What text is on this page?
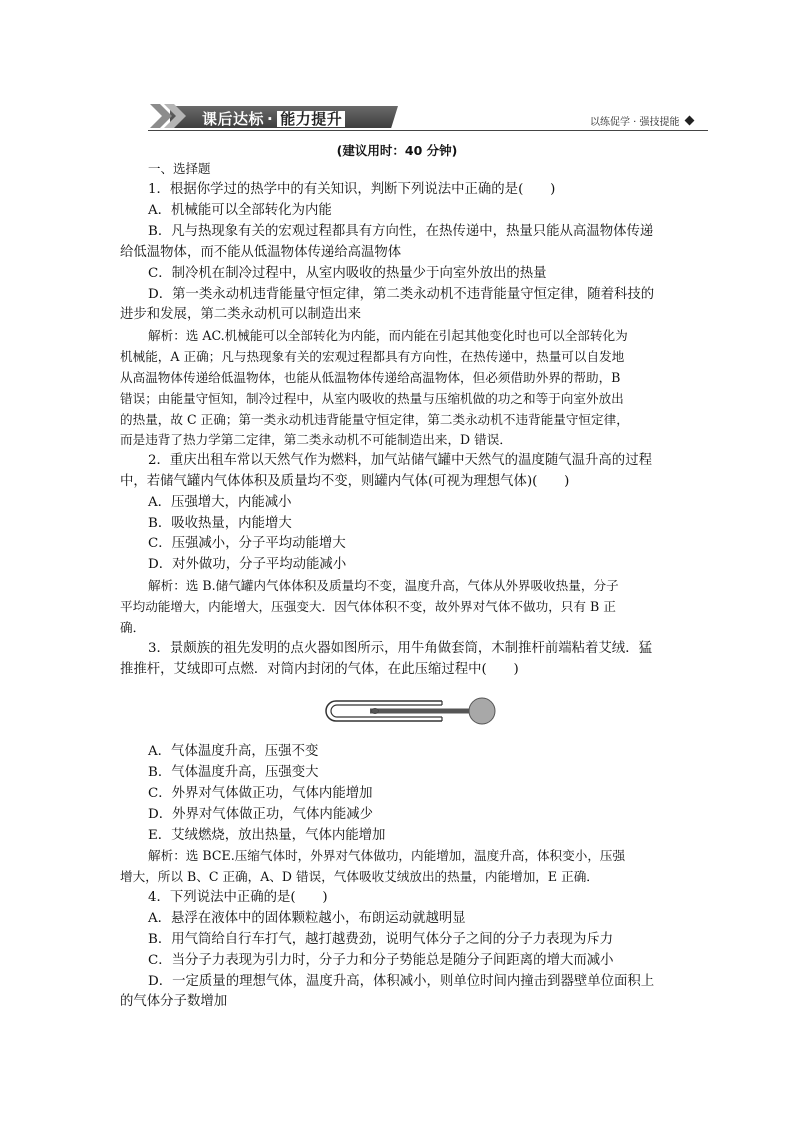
课后达标 · 能力提升	以练促学 · 强技提能
(建议用时：40 分钟)
一、选择题
1．根据你学过的热学中的有关知识，判断下列说法中正确的是(　　)
A．机械能可以全部转化为内能
B．凡与热现象有关的宏观过程都具有方向性，在热传递中，热量只能从高温物体传递
给低温物体，而不能从低温物体传递给高温物体
C．制冷机在制冷过程中，从室内吸收的热量少于向室外放出的热量
D．第一类永动机违背能量守恒定律，第二类永动机不违背能量守恒定律，随着科技的
进步和发展，第二类永动机可以制造出来
解析：选 AC.机械能可以全部转化为内能，而内能在引起其他变化时也可以全部转化为
机械能，A 正确；凡与热现象有关的宏观过程都具有方向性，在热传递中，热量可以自发地
从高温物体传递给低温物体，也能从低温物体传递给高温物体，但必须借助外界的帮助，B
错误；由能量守恒知，制冷过程中，从室内吸收的热量与压缩机做的功之和等于向室外放出
的热量，故 C 正确；第一类永动机违背能量守恒定律，第二类永动机不违背能量守恒定律，
而是违背了热力学第二定律，第二类永动机不可能制造出来，D 错误．
2．重庆出租车常以天然气作为燃料，加气站储气罐中天然气的温度随气温升高的过程
中，若储气罐内气体体积及质量均不变，则罐内气体(可视为理想气体)(　　)
A．压强增大，内能减小
B．吸收热量，内能增大
C．压强减小，分子平均动能增大
D．对外做功，分子平均动能减小
解析：选 B.储气罐内气体体积及质量均不变，温度升高，气体从外界吸收热量，分子
平均动能增大，内能增大，压强变大．因气体体积不变，故外界对气体不做功，只有 B 正
确．
3．景颇族的祖先发明的点火器如图所示，用牛角做套筒，木制推杆前端粘着艾绒．猛
推推杆，艾绒即可点燃．对筒内封闭的气体，在此压缩过程中(　　)
A．气体温度升高，压强不变
B．气体温度升高，压强变大
C．外界对气体做正功，气体内能增加
D．外界对气体做正功，气体内能减少
E．艾绒燃烧，放出热量，气体内能增加
解析：选 BCE.压缩气体时，外界对气体做功，内能增加，温度升高，体积变小，压强
增大，所以 B、C 正确，A、D 错误，气体吸收艾绒放出的热量，内能增加，E 正确．
4．下列说法中正确的是(　　)
A．悬浮在液体中的固体颗粒越小，布朗运动就越明显
B．用气筒给自行车打气，越打越费劲，说明气体分子之间的分子力表现为斥力
C．当分子力表现为引力时，分子力和分子势能总是随分子间距离的增大而减小
D．一定质量的理想气体，温度升高，体积减小，则单位时间内撞击到器壁单位面积上
的气体分子数增加
